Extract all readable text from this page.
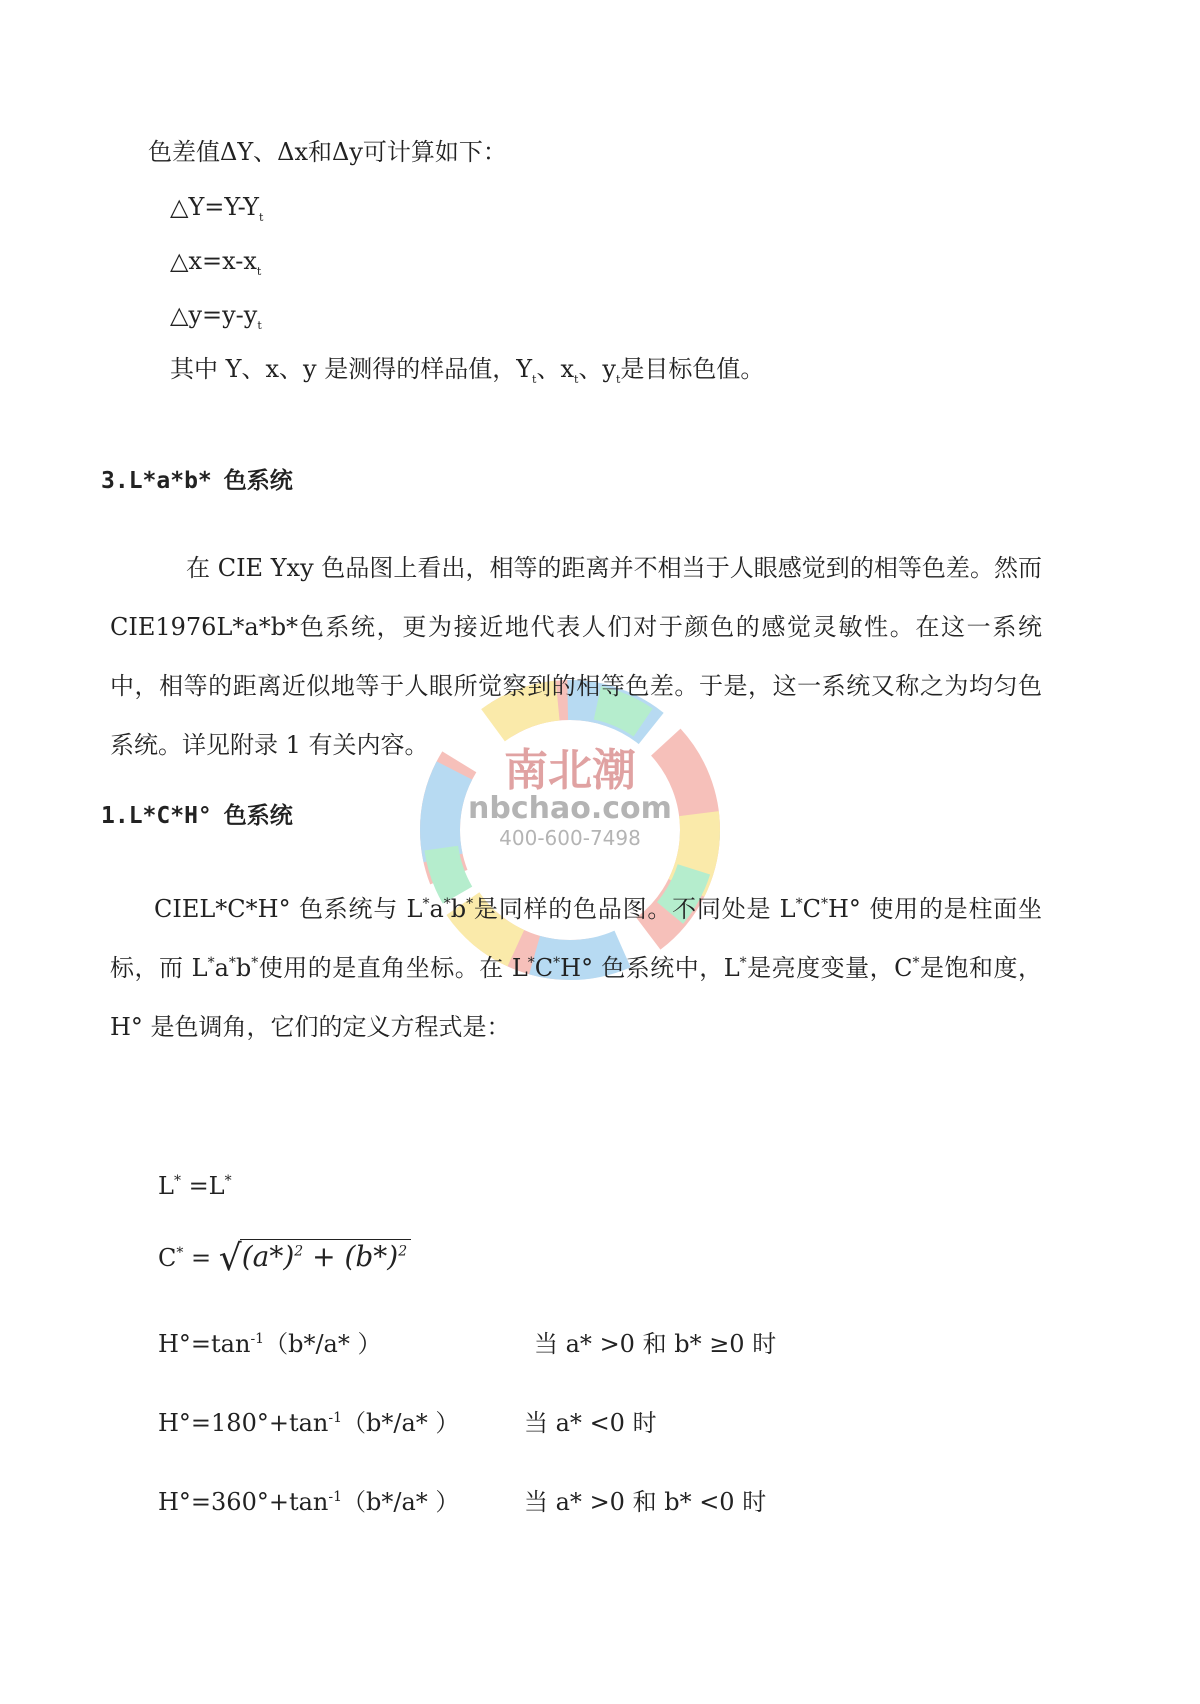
南北潮
nbchao.com
400-600-7498
色差值ΔY、Δx和Δy可计算如下：
$\triangle Y=Y-Y_t$
$\triangle x=x-x_t$
$\triangle y=y-y_t$
其中 Y、x、y 是测得的样品值，$Y_t$、$x_t$、$y_t$是目标色值。
3.L*a*b* 色系统
在 CIE Yxy 色品图上看出，相等的距离并不相当于人眼感觉到的相等色差。然而 CIE1976L*a*b*色系统，更为接近地代表人们对于颜色的感觉灵敏性。在这一系统中，相等的距离近似地等于人眼所觉察到的相等色差。于是，这一系统又称之为均匀色系统。详见附录 1 有关内容。
1.L*C*H° 色系统
CIEL*C*H° 色系统与 L*a*b*是同样的色品图。不同处是 L*C*H° 使用的是柱面坐标，而 L*a*b*使用的是直角坐标。在 L*C*H° 色系统中，L*是亮度变量，C*是饱和度，H° 是色调角，它们的定义方程式是：
L* =L*
$C^* = √(a*)^2 + (b*)^2$
$H^\circ=\tan^{-1}(b*/a*$ ）	当 a* >0 和 b* ≥0 时
$H^\circ=180^\circ+\tan^{-1}(b*/a*$ ）	当 a* <0 时
$H^\circ=360^\circ+\tan^{-1}(b*/a*$ ）	当 a* >0 和 b* <0 时
